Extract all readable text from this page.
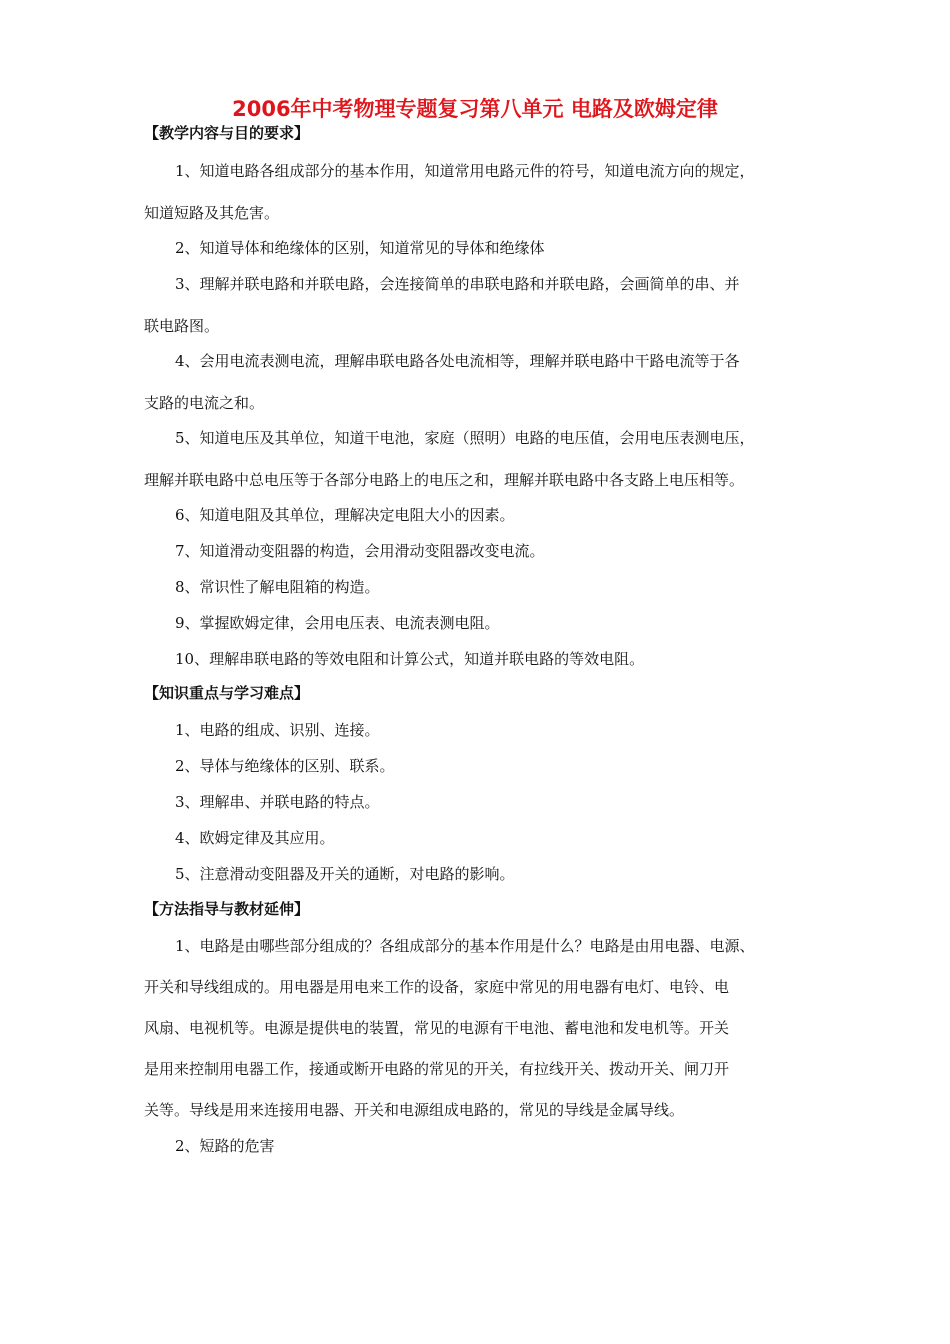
2006年中考物理专题复习第八单元 电路及欧姆定律
【教学内容与目的要求】
1、知道电路各组成部分的基本作用，知道常用电路元件的符号，知道电流方向的规定，
知道短路及其危害。
2、知道导体和绝缘体的区别，知道常见的导体和绝缘体
3、理解并联电路和并联电路，会连接简单的串联电路和并联电路，会画简单的串、并
联电路图。
4、会用电流表测电流，理解串联电路各处电流相等，理解并联电路中干路电流等于各
支路的电流之和。
5、知道电压及其单位，知道干电池，家庭（照明）电路的电压值，会用电压表测电压，
理解并联电路中总电压等于各部分电路上的电压之和，理解并联电路中各支路上电压相等。
6、知道电阻及其单位，理解决定电阻大小的因素。
7、知道滑动变阻器的构造，会用滑动变阻器改变电流。
8、常识性了解电阻箱的构造。
9、掌握欧姆定律，会用电压表、电流表测电阻。
10、理解串联电路的等效电阻和计算公式，知道并联电路的等效电阻。
【知识重点与学习难点】
1、电路的组成、识别、连接。
2、导体与绝缘体的区别、联系。
3、理解串、并联电路的特点。
4、欧姆定律及其应用。
5、注意滑动变阻器及开关的通断，对电路的影响。
【方法指导与教材延伸】
1、电路是由哪些部分组成的？各组成部分的基本作用是什么？电路是由用电器、电源、
开关和导线组成的。用电器是用电来工作的设备，家庭中常见的用电器有电灯、电铃、电
风扇、电视机等。电源是提供电的装置，常见的电源有干电池、蓄电池和发电机等。开关
是用来控制用电器工作，接通或断开电路的常见的开关，有拉线开关、拨动开关、闸刀开
关等。导线是用来连接用电器、开关和电源组成电路的，常见的导线是金属导线。
2、短路的危害
